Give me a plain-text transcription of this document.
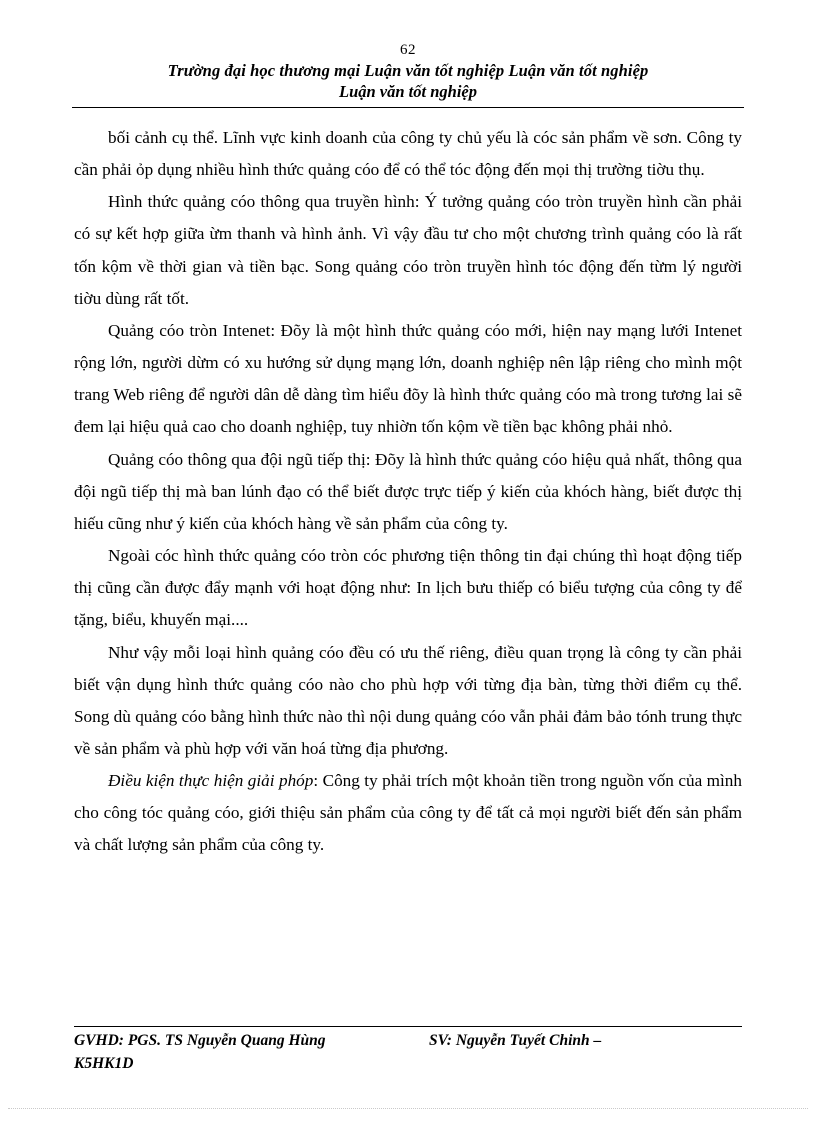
62
Trường đại học thương mại Luận văn tốt nghiệp Luận văn tốt nghiệp
Luận văn tốt nghiệp

bối cảnh cụ thể. Lĩnh vực kinh doanh của công ty chủ yếu là cóc sản phẩm về sơn. Công ty cần phải ỏp dụng nhiều hình thức quảng cóo để có thể tóc động đến mọi thị trường tiờu thụ.

Hình thức quảng cóo thông qua truyền hình: Ý tưởng quảng cóo tròn truyền hình cần phải có sự kết hợp giữa ừm thanh và hình ảnh. Vì vậy đầu tư cho một chương trình quảng cóo là rất tốn kộm về thời gian và tiền bạc. Song quảng cóo tròn truyền hình tóc động đến từm lý người tiờu dùng rất tốt.

Quảng cóo tròn Intenet: Đõy là một hình thức quảng cóo mới, hiện nay mạng lưới Intenet rộng lớn, người dừm có xu hướng sử dụng mạng lớn, doanh nghiệp nên lập riêng cho mình một trang Web riêng để người dân dễ dàng tìm hiểu đõy là hình thức quảng cóo mà trong tương lai sẽ đem lại hiệu quả cao cho doanh nghiệp, tuy nhiờn tốn kộm về tiền bạc không phải nhỏ.

Quảng cóo thông qua đội ngũ tiếp thị: Đõy là hình thức quảng cóo hiệu quả nhất, thông qua đội ngũ tiếp thị mà ban lúnh đạo có thể biết được trực tiếp ý kiến của khóch hàng, biết được thị hiếu cũng như ý kiến của khóch hàng về sản phẩm của công ty.

Ngoài cóc hình thức quảng cóo tròn cóc phương tiện thông tin đại chúng thì hoạt động tiếp thị cũng cần được đẩy mạnh với hoạt động như: In lịch bưu thiếp có biểu tượng của công ty để tặng, biểu, khuyến mại....

Như vậy mỗi loại hình quảng cóo đều có ưu thế riêng, điều quan trọng là công ty cần phải biết vận dụng hình thức quảng cóo nào cho phù hợp với từng địa bàn, từng thời điểm cụ thể. Song dù quảng cóo bằng hình thức nào thì nội dung quảng cóo vẫn phải đảm bảo tónh trung thực về sản phẩm và phù hợp với văn hoá từng địa phương.

Điều kiện thực hiện giải phóp: Công ty phải trích một khoản tiền trong nguồn vốn của mình cho công tóc quảng cóo, giới thiệu sản phẩm của công ty để tất cả mọi người biết đến sản phẩm và chất lượng sản phẩm của công ty.

GVHD: PGS. TS Nguyễn Quang Hùng	SV: Nguyễn Tuyết Chinh –
K5HK1D
